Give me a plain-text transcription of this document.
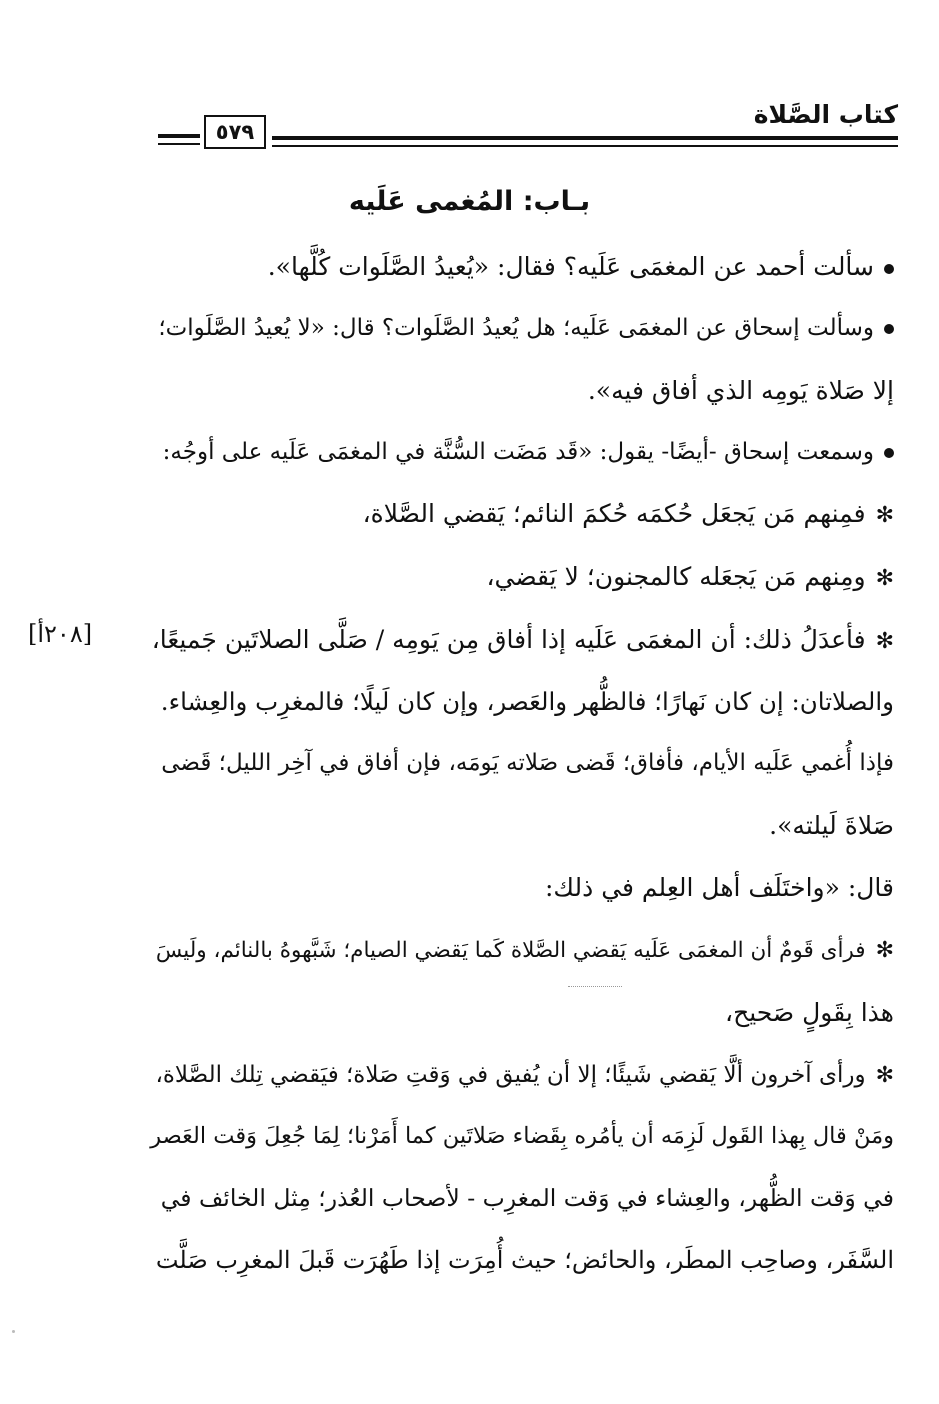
كتاب الصَّلاة
٥٧٩
بـاب: المُغمى عَلَيه
سألت أحمد عن المغمَى عَلَيه؟ فقال: «يُعيدُ الصَّلَوات كُلَّها».
وسألت إسحاق عن المغمَى عَلَيه؛ هل يُعيدُ الصَّلَوات؟ قال: «لا يُعيدُ الصَّلَوات؛
إلا صَلاة يَومِه الذي أفاق فيه».
وسمعت إسحاق -أيضًا- يقول: «قَد مَضَت السُّنَّة في المغمَى عَلَيه على أوجُه:
✻فمِنهم مَن يَجعَل حُكمَه حُكمَ النائم؛ يَقضي الصَّلاة،
✻ومِنهم مَن يَجعَله كالمجنون؛ لا يَقضي،
✻فأعدَلُ ذلك: أن المغمَى عَلَيه إذا أفاق مِن يَومِه / صَلَّى الصلاتَين جَميعًا،
والصلاتان: إن كان نَهارًا؛ فالظُّهر والعَصر، وإن كان لَيلًا؛ فالمغرِب والعِشاء.
فإذا أُغمي عَلَيه الأيام، فأفاق؛ قَضى صَلاته يَومَه، فإن أفاق في آخِر الليل؛ قَضى
صَلاةَ لَيلته».
قال: «واختَلَف أهل العِلم في ذلك:
✻فرأى قَومٌ أن المغمَى عَلَيه يَقضي الصَّلاة كَما يَقضي الصيام؛ شَبَّهوهُ بالنائم، ولَيسَ
هذا بِقَولٍ صَحيح،
✻ورأى آخرون ألَّا يَقضي شَيئًا؛ إلا أن يُفيق في وَقتِ صَلاة؛ فيَقضي تِلك الصَّلاة،
ومَنْ قال بِهذا القَول لَزِمَه أن يأمُره بِقَضاء صَلاتَين كما أَمَرْنا؛ لِمَا جُعِلَ وَقت العَصر
في وَقت الظُّهر، والعِشاء في وَقت المغرِب - لأصحاب العُذر؛ مِثل الخائف في
السَّفَر، وصاحِب المطَر، والحائض؛ حيث أُمِرَت إذا طَهُرَت قَبلَ المغرِب صَلَّت
[٢٠٨أ]
